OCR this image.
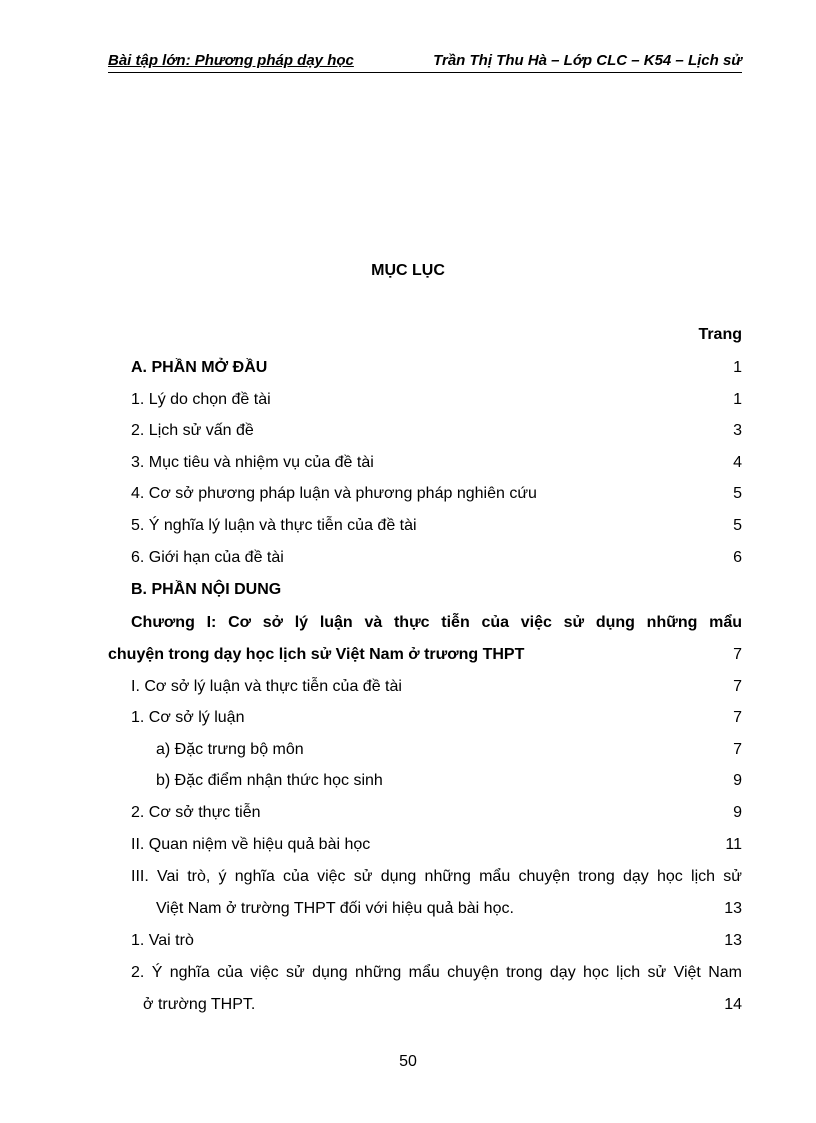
Bài tập lớn: Phương pháp dạy học	Trần Thị Thu Hà – Lớp CLC – K54 – Lịch sử
MỤC LỤC
Trang
A. PHẦN MỞ ĐẦU	1
1. Lý do chọn đề tài	1
2. Lịch sử vấn đề	3
3. Mục tiêu và nhiệm vụ của đề tài	4
4. Cơ sở phương pháp luận và phương pháp nghiên cứu	5
5. Ý nghĩa lý luận và thực tiễn của đề tài	5
6. Giới hạn của đề tài	6
B. PHẦN NỘI DUNG
Chương I: Cơ sở lý luận và thực tiễn của việc sử dụng những mẩu
chuyện trong dạy học lịch sử Việt Nam ở trương THPT	7
I. Cơ sở lý luận và thực tiễn của đề tài	7
1. Cơ sở lý luận	7
a) Đặc trưng bộ môn	7
b) Đặc điểm nhận thức học sinh	9
2. Cơ sở thực tiễn	9
II. Quan niệm về hiệu quả bài học	11
III. Vai trò, ý nghĩa của việc sử dụng những mẩu chuyện trong dạy học lịch sử
Việt Nam ở trường THPT đối với hiệu quả bài học.	13
1. Vai trò	13
2. Ý nghĩa của việc sử dụng những mẩu chuyện trong dạy học lịch sử Việt Nam
ở trường THPT.	14
50
